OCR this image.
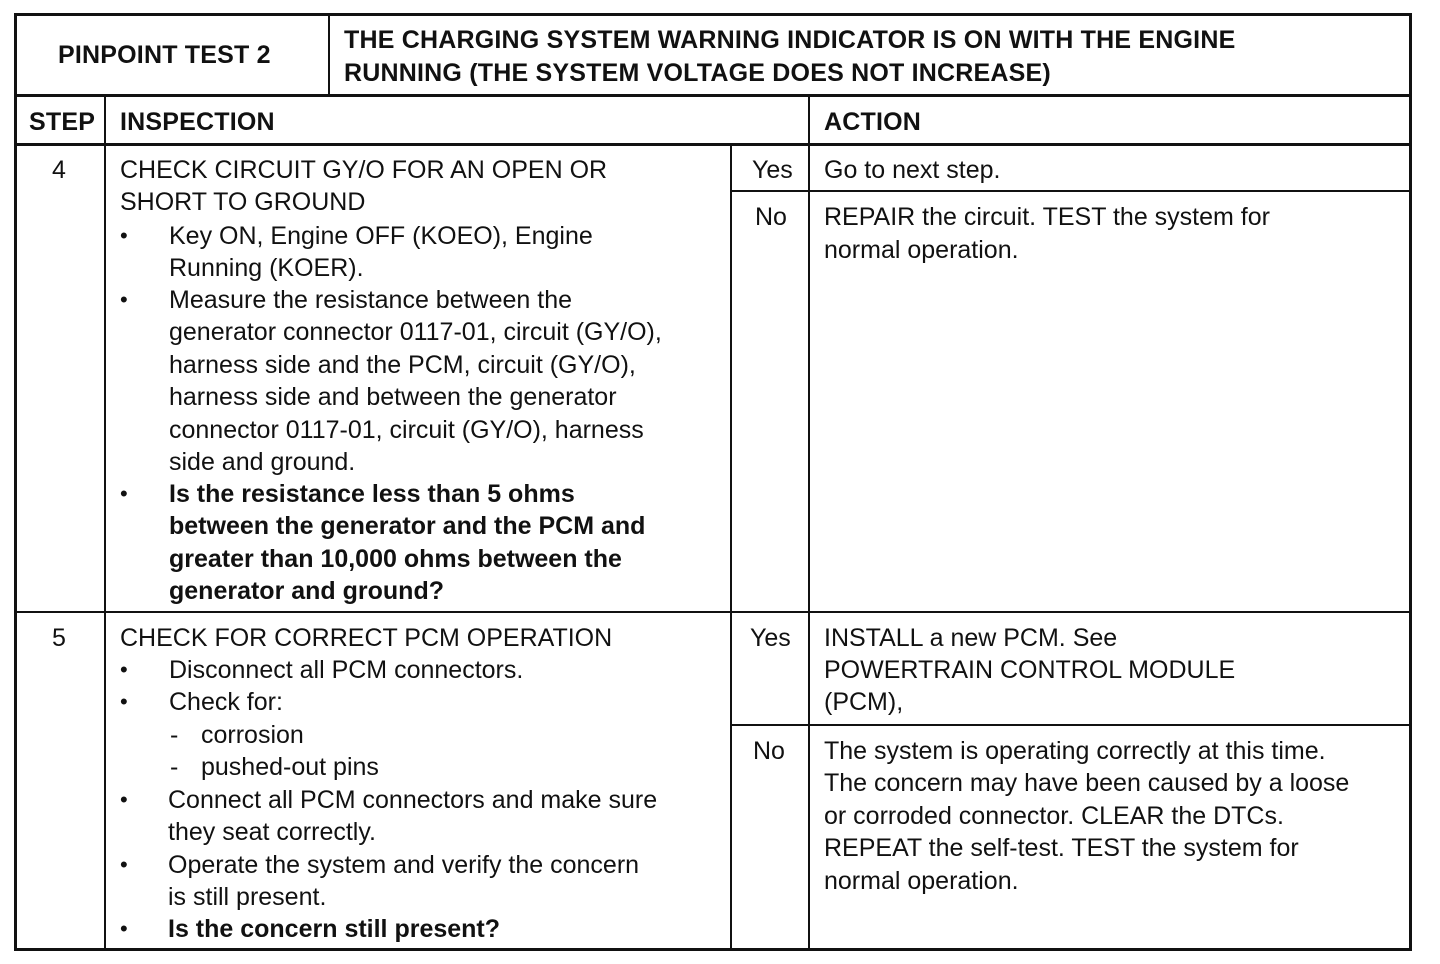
PINPOINT TEST 2
THE CHARGING SYSTEM WARNING INDICATOR IS ON WITH THE ENGINE
RUNNING (THE SYSTEM VOLTAGE DOES NOT INCREASE)
STEP INSPECTION	ACTION
4 CHECK CIRCUIT GY/O FOR AN OPEN OR
SHORT TO GROUND
• Key ON, Engine OFF (KOEO), Engine
Running (KOER).
• Measure the resistance between the
generator connector 0117-01, circuit (GY/O),
harness side and the PCM, circuit (GY/O),
harness side and between the generator
connector 0117-01, circuit (GY/O), harness
side and ground.
• Is the resistance less than 5 ohms
between the generator and the PCM and
greater than 10,000 ohms between the
generator and ground?
Yes Go to next step.
No REPAIR the circuit. TEST the system for
normal operation.
5 CHECK FOR CORRECT PCM OPERATION
• Disconnect all PCM connectors.
• Check for:
- corrosion
- pushed-out pins
• Connect all PCM connectors and make sure
they seat correctly.
• Operate the system and verify the concern
is still present.
• Is the concern still present?
Yes INSTALL a new PCM. See
POWERTRAIN CONTROL MODULE
(PCM),
No The system is operating correctly at this time.
The concern may have been caused by a loose
or corroded connector. CLEAR the DTCs.
REPEAT the self-test. TEST the system for
normal operation.
